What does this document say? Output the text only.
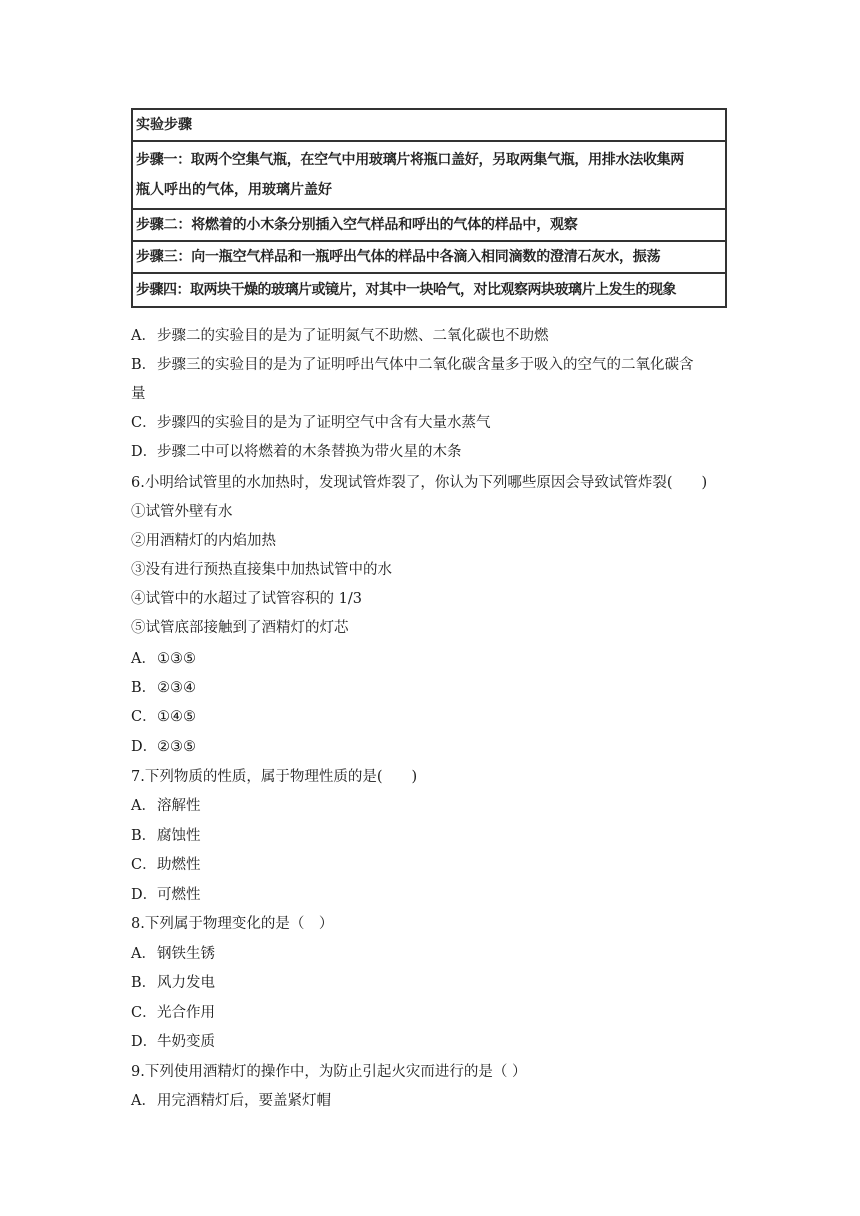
实验步骤

步骤一：取两个空集气瓶，在空气中用玻璃片将瓶口盖好，另取两集气瓶，用排水法收集两
瓶人呼出的气体，用玻璃片盖好

步骤二：将燃着的小木条分别插入空气样品和呼出的气体的样品中，观察
步骤三：向一瓶空气样品和一瓶呼出气体的样品中各滴入相同滴数的澄清石灰水，振荡
步骤四：取两块干燥的玻璃片或镜片，对其中一块哈气，对比观察两块玻璃片上发生的现象
A．步骤二的实验目的是为了证明氮气不助燃、二氧化碳也不助燃
B．步骤三的实验目的是为了证明呼出气体中二氧化碳含量多于吸入的空气的二氧化碳含
量
C．步骤四的实验目的是为了证明空气中含有大量水蒸气
D．步骤二中可以将燃着的木条替换为带火星的木条
6.小明给试管里的水加热时，发现试管炸裂了，你认为下列哪些原因会导致试管炸裂(　　)
①试管外壁有水
②用酒精灯的内焰加热
③没有进行预热直接集中加热试管中的水
④试管中的水超过了试管容积的 1/3
⑤试管底部接触到了酒精灯的灯芯
A．①③⑤
B．②③④
C．①④⑤
D．②③⑤
7.下列物质的性质，属于物理性质的是(　　)
A．溶解性
B．腐蚀性
C．助燃性
D．可燃性
8.下列属于物理变化的是（　）
A．钢铁生锈
B．风力发电
C．光合作用
D．牛奶变质
9.下列使用酒精灯的操作中，为防止引起火灾而进行的是（ ）
A．用完酒精灯后，要盖紧灯帽
